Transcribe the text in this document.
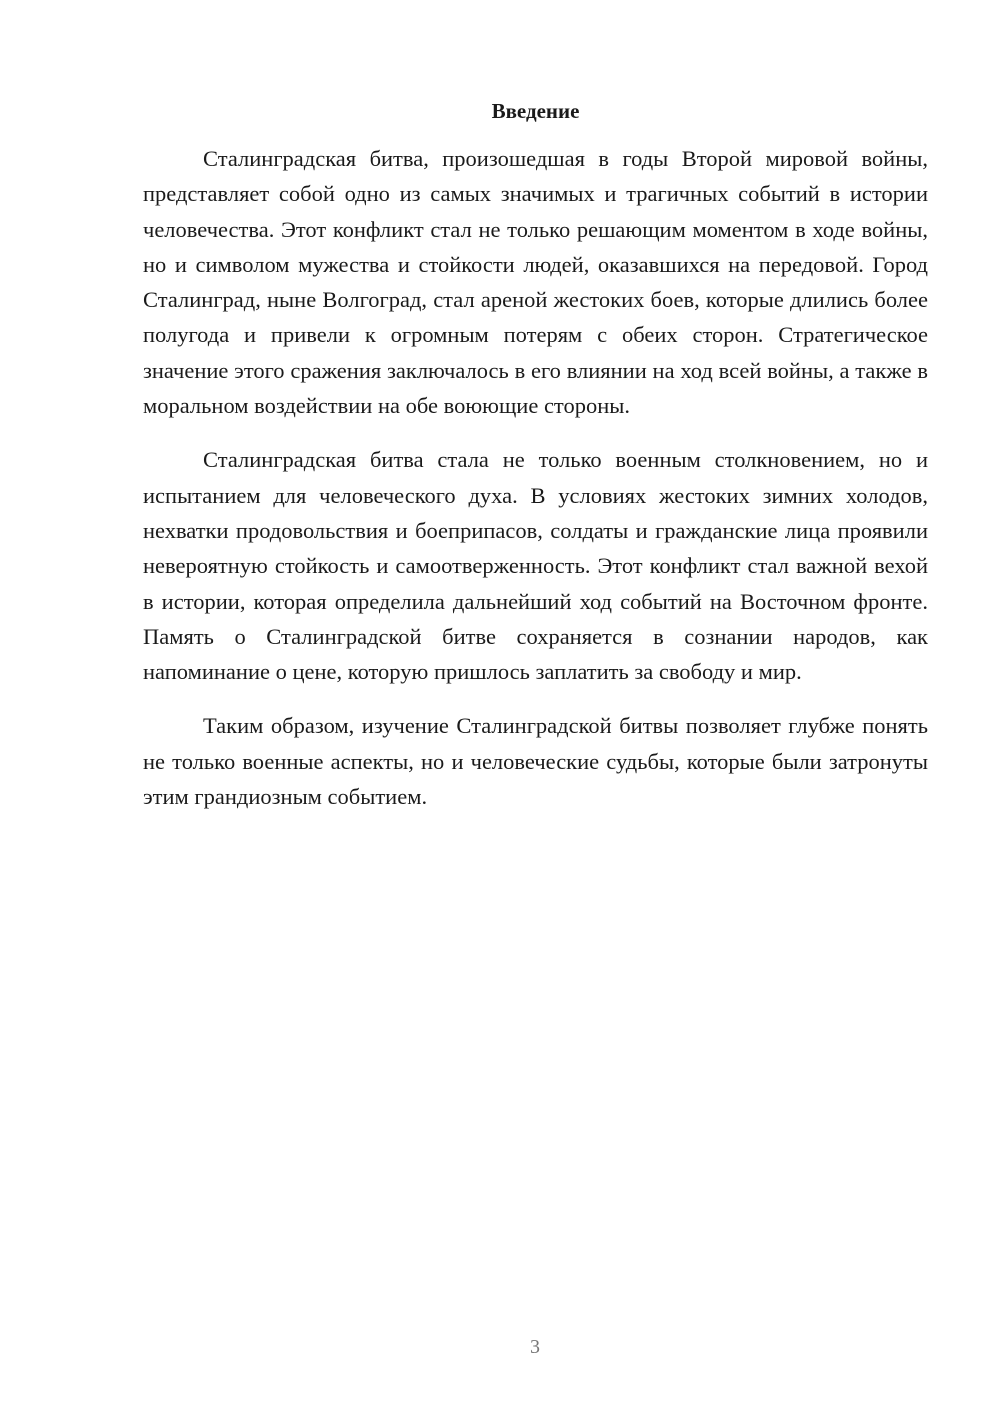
Введение

Сталинградская битва, произошедшая в годы Второй мировой войны, представляет собой одно из самых значимых и трагичных событий в истории человечества. Этот конфликт стал не только решающим моментом в ходе войны, но и символом мужества и стойкости людей, оказавшихся на передовой. Город Сталинград, ныне Волгоград, стал ареной жестоких боев, которые длились более полугода и привели к огромным потерям с обеих сторон. Стратегическое значение этого сражения заключалось в его влиянии на ход всей войны, а также в моральном воздействии на обе воюющие стороны.

Сталинградская битва стала не только военным столкновением, но и испытанием для человеческого духа. В условиях жестоких зимних холодов, нехватки продовольствия и боеприпасов, солдаты и гражданские лица проявили невероятную стойкость и самоотверженность. Этот конфликт стал важной вехой в истории, которая определила дальнейший ход событий на Восточном фронте. Память о Сталинградской битве сохраняется в сознании народов, как напоминание о цене, которую пришлось заплатить за свободу и мир.

Таким образом, изучение Сталинградской битвы позволяет глубже понять не только военные аспекты, но и человеческие судьбы, которые были затронуты этим грандиозным событием.

3
